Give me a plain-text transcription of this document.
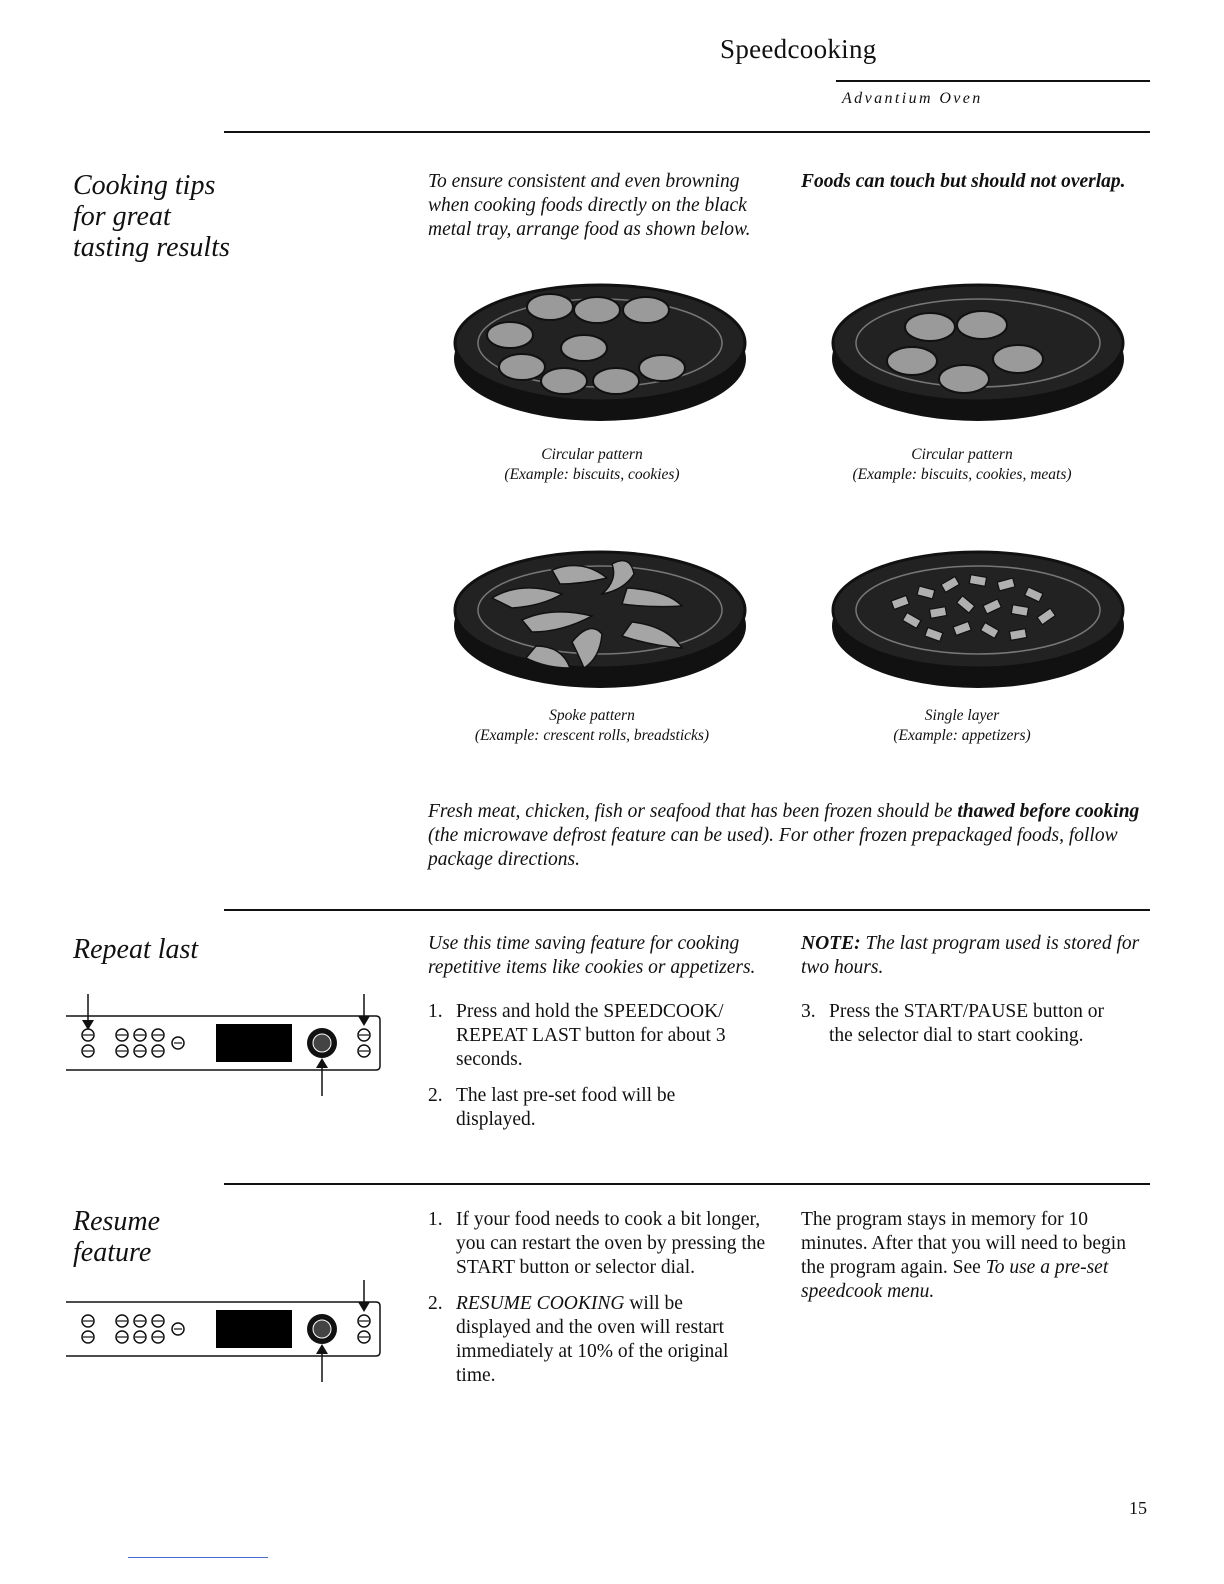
Speedcooking
Advantium Oven
Cooking tips
for great
tasting results
To ensure consistent and even browning when cooking foods directly on the black metal tray, arrange food as shown below.
Foods can touch but should not overlap.
Circular pattern
(Example: biscuits, cookies)
Circular pattern
(Example: biscuits, cookies, meats)
Spoke pattern
(Example: crescent rolls, breadsticks)
Single layer
(Example: appetizers)
Fresh meat, chicken, fish or seafood that has been frozen should be thawed before cooking (the microwave defrost feature can be used). For other frozen prepackaged foods, follow package directions.
Repeat last	Use this time saving feature for cooking repetitive items like cookies or appetizers.
NOTE: The last program used is stored for two hours.
1. Press and hold the SPEEDCOOK/ REPEAT LAST button for about 3 seconds.
2. The last pre-set food will be displayed.
3. Press the START/PAUSE button or the selector dial to start cooking.
Resume
feature
1. If your food needs to cook a bit longer, you can restart the oven by pressing the START button or selector dial.
2. RESUME COOKING will be displayed and the oven will restart immediately at 10% of the original time.
The program stays in memory for 10 minutes. After that you will need to begin the program again. See To use a pre-set speedcook menu.
15
